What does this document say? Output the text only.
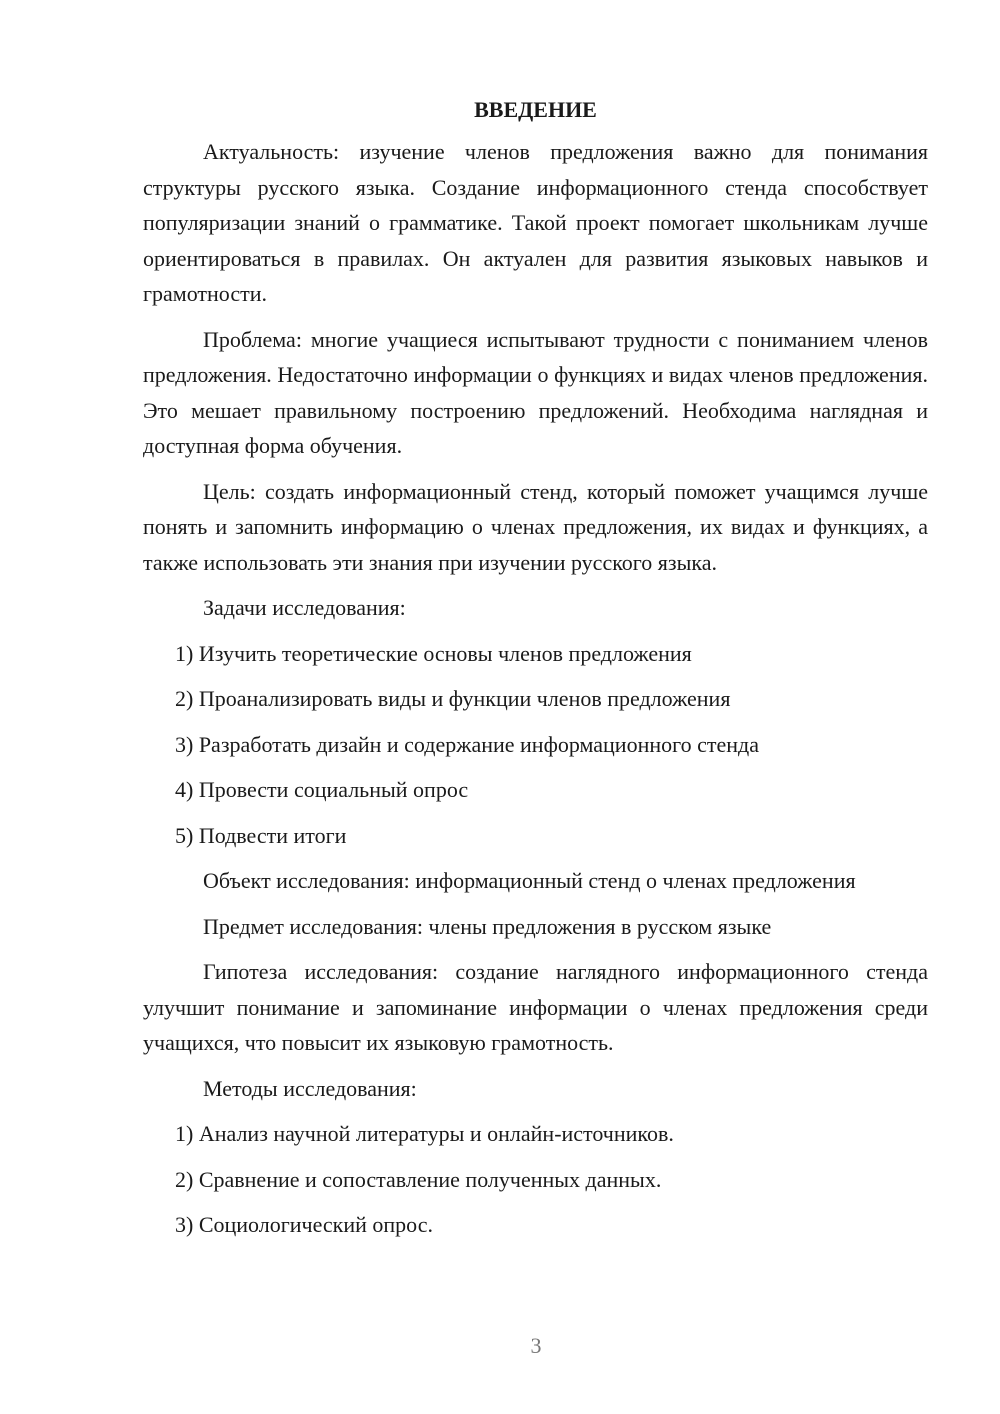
ВВЕДЕНИЕ

Актуальность: изучение членов предложения важно для понимания структуры русского языка. Создание информационного стенда способствует популяризации знаний о грамматике. Такой проект помогает школьникам лучше ориентироваться в правилах. Он актуален для развития языковых навыков и грамотности.

Проблема: многие учащиеся испытывают трудности с пониманием членов предложения. Недостаточно информации о функциях и видах членов предложения. Это мешает правильному построению предложений. Необходима наглядная и доступная форма обучения.

Цель: создать информационный стенд, который поможет учащимся лучше понять и запомнить информацию о членах предложения, их видах и функциях, а также использовать эти знания при изучении русского языка.

Задачи исследования:

1) Изучить теоретические основы членов предложения

2) Проанализировать виды и функции членов предложения

3) Разработать дизайн и содержание информационного стенда

4) Провести социальный опрос

5) Подвести итоги

Объект исследования: информационный стенд о членах предложения

Предмет исследования: члены предложения в русском языке

Гипотеза исследования: создание наглядного информационного стенда улучшит понимание и запоминание информации о членах предложения среди учащихся, что повысит их языковую грамотность.

Методы исследования:

1) Анализ научной литературы и онлайн-источников.

2) Сравнение и сопоставление полученных данных.

3) Социологический опрос.

3
